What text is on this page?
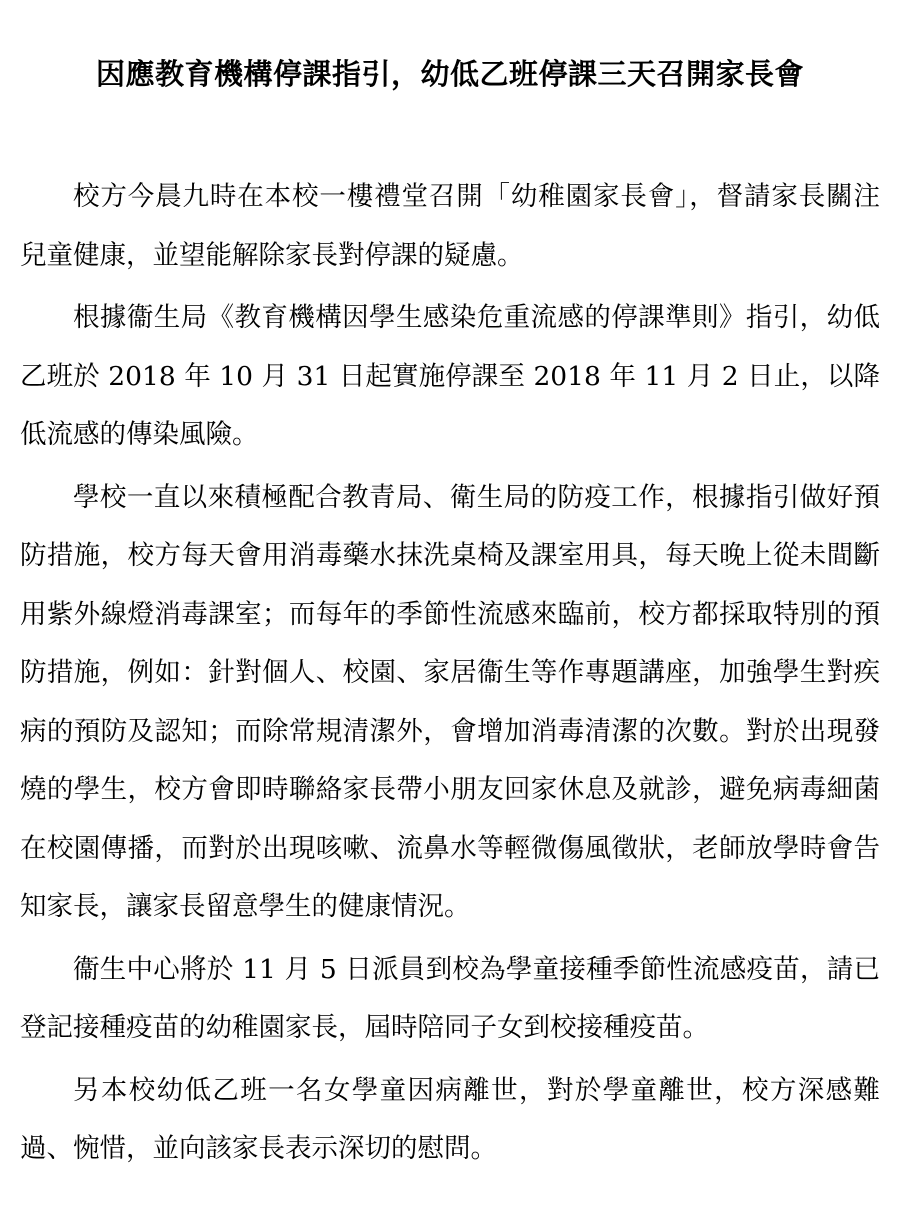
因應教育機構停課指引，幼低乙班停課三天召開家長會

校方今晨九時在本校一樓禮堂召開「幼稚園家長會」，督請家長關注兒童健康，並望能解除家長對停課的疑慮。

根據衞生局《教育機構因學生感染危重流感的停課準則》指引，幼低乙班於 2018 年 10 月 31 日起實施停課至 2018 年 11 月 2 日止，以降低流感的傳染風險。

學校一直以來積極配合教青局、衛生局的防疫工作，根據指引做好預防措施，校方每天會用消毒藥水抹洗桌椅及課室用具，每天晚上從未間斷用紫外線燈消毒課室；而每年的季節性流感來臨前，校方都採取特別的預防措施，例如：針對個人、校園、家居衞生等作專題講座，加強學生對疾病的預防及認知；而除常規清潔外，會增加消毒清潔的次數。對於出現發燒的學生，校方會即時聯絡家長帶小朋友回家休息及就診，避免病毒細菌在校園傳播，而對於出現咳嗽、流鼻水等輕微傷風徵狀，老師放學時會告知家長，讓家長留意學生的健康情況。

衞生中心將於 11 月 5 日派員到校為學童接種季節性流感疫苗，請已登記接種疫苗的幼稚園家長，屆時陪同子女到校接種疫苗。

另本校幼低乙班一名女學童因病離世，對於學童離世，校方深感難過、惋惜，並向該家長表示深切的慰問。
